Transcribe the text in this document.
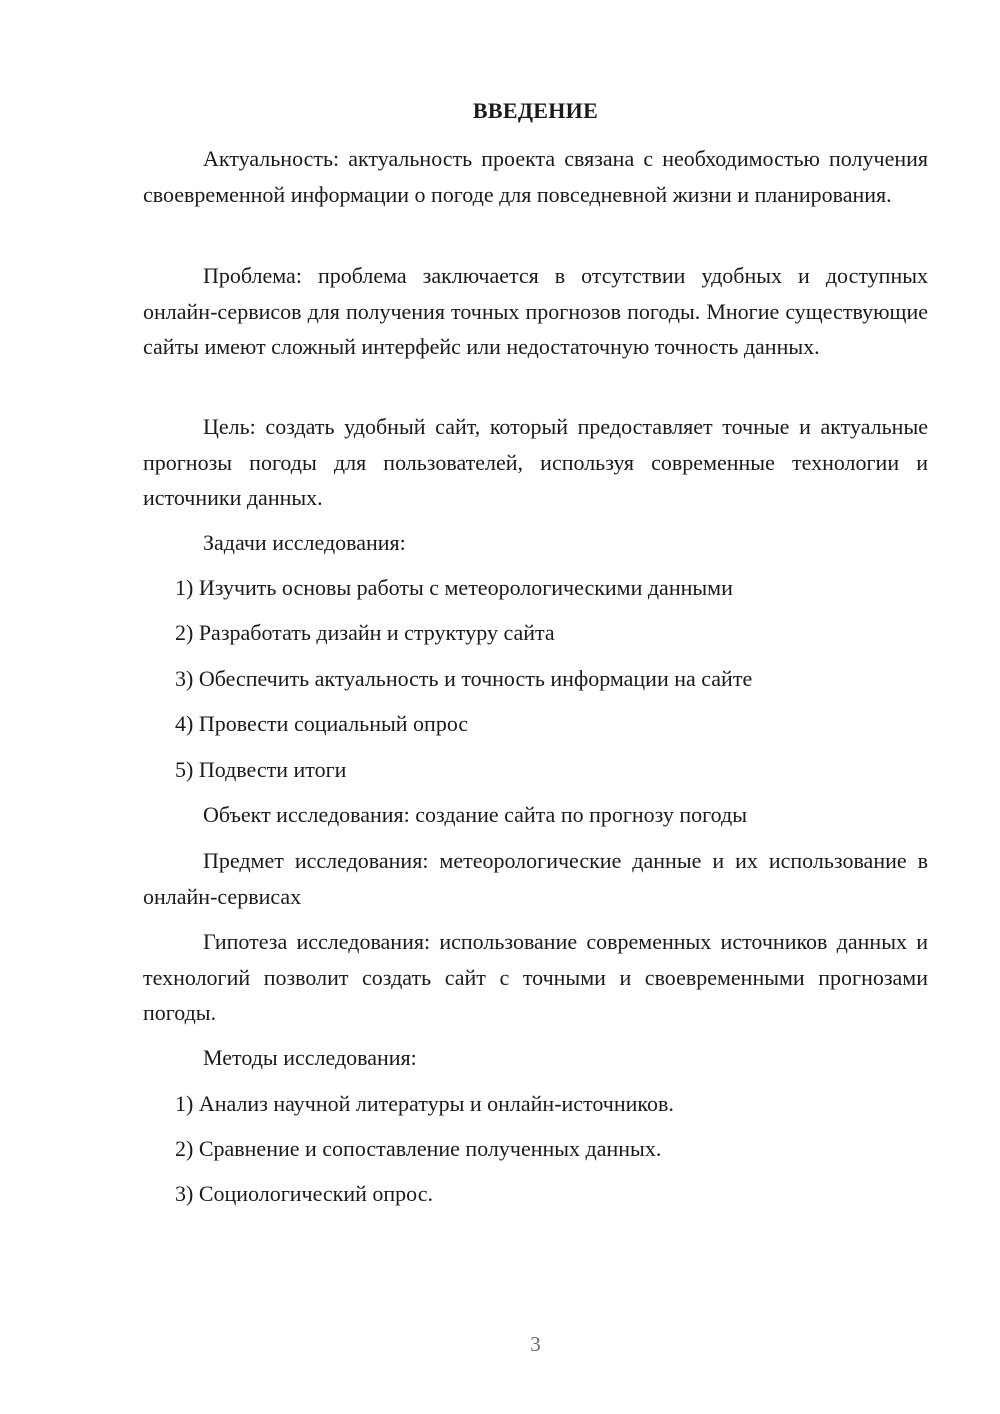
ВВЕДЕНИЕ
Актуальность: актуальность проекта связана с необходимостью получения своевременной информации о погоде для повседневной жизни и планирования.
Проблема: проблема заключается в отсутствии удобных и доступных онлайн-сервисов для получения точных прогнозов погоды. Многие существующие сайты имеют сложный интерфейс или недостаточную точность данных.
Цель: создать удобный сайт, который предоставляет точные и актуальные прогнозы погоды для пользователей, используя современные технологии и источники данных.
Задачи исследования:
1) Изучить основы работы с метеорологическими данными
2) Разработать дизайн и структуру сайта
3) Обеспечить актуальность и точность информации на сайте
4) Провести социальный опрос
5) Подвести итоги
Объект исследования: создание сайта по прогнозу погоды
Предмет исследования: метеорологические данные и их использование в онлайн-сервисах
Гипотеза исследования: использование современных источников данных и технологий позволит создать сайт с точными и своевременными прогнозами погоды.
Методы исследования:
1) Анализ научной литературы и онлайн-источников.
2) Сравнение и сопоставление полученных данных.
3) Социологический опрос.
3
